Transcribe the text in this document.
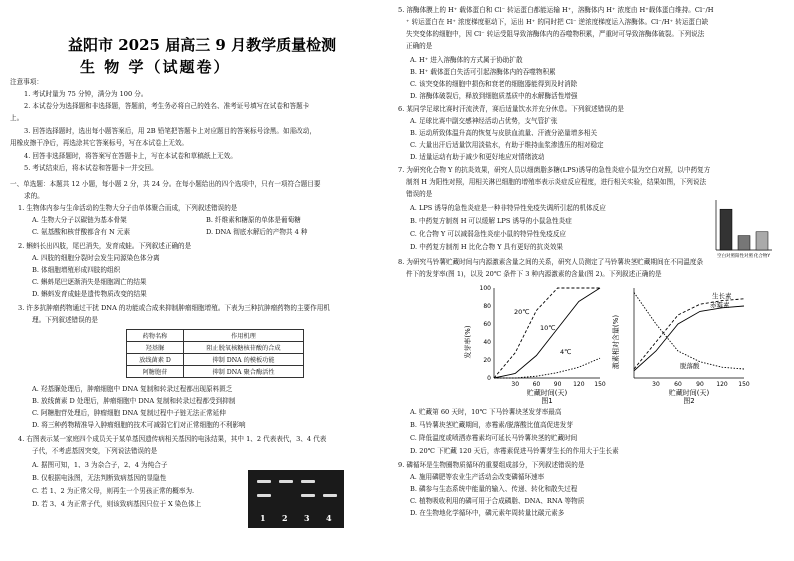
益阳市 2025 届高三 9 月教学质量检测
生 物 学（试题卷）
注意事项：
1. 考试时量为 75 分钟，满分为 100 分。
2. 本试卷分为选择题和非选择题，答题前，考生务必将自己的姓名、准考证号填写在试卷和答题卡
上。
3. 回答选择题时，选出每小题答案后，用 2B 铅笔把答题卡上对应题目的答案标号涂黑。如需改动，
用橡皮擦干净后，再选涂其它答案标号，写在本试卷上无效。
4. 回答非选择题时，将答案写在答题卡上，写在本试卷和草稿纸上无效。
5. 考试结束后，将本试卷和答题卡一并交回。
一、单选题：本题共 12 小题，每小题 2 分，共 24 分。在每小题给出的四个选项中，只有一项符合题目要
求的。
1. 生物体内参与生命活动的生物大分子由单体聚合而成，下列叙述错误的是
A. 生物大分子以碳链为基本骨架	B. 纤维素和糖原的单体是葡萄糖
C. 氨基酸和核苷酸都含有 N 元素	D. DNA 彻底水解后的产物共 4 种
2. 蝌蚪长出四肢，尾巴消失，发育成蛙。下列叙述正确的是
A. 四肢的细胞分裂时会发生同源染色体分离
B. 体细胞增殖形成四肢的组织
C. 蝌蚪尾巴逐渐消失是细胞凋亡的结果
D. 蝌蚪发育成蛙是遗传物质改变的结果
3. 许多抗肿瘤药物通过干扰 DNA 的功能或合成来抑制肿瘤细胞增殖。下表为三种抗肿瘤药物的主要作用机
理。下列叙述错误的是
药物名称	作用机理
羟基脲	阻止脱氧核糖核苷酸的合成
放线菌素 D	抑制 DNA 的模板功能
阿糖胞苷	抑制 DNA 聚合酶活性
A. 羟基脲处理后，肿瘤细胞中 DNA 复制和转录过程都出现原料匮乏
B. 放线菌素 D 处理后，肿瘤细胞中 DNA 复制和转录过程都受到抑制
C. 阿糖胞苷处理后，肿瘤细胞 DNA 复制过程中子链无法正常延伸
D. 将三种药物精准导入肿瘤细胞的技术可减弱它们对正常细胞的不利影响
4. 右图表示某一家庭四个成员关于某单基因遗传病相关基因的电泳结果，其中 1、2 代表表代，3、4 代表
子代，不考虑基因突变，下列说法错误的是
A. 据图可知，1、3 为杂合子，2、4 为纯合子
B. 仅根据电泳图，无法判断致病基因的显隐性
C. 若 1、2 为正常父母，则再生一个男孩正常的概率为.
D. 若 3、4 为正常子代，则该致病基因只位于 X 染色体上
1 2 3 4
5. 溶酶体膜上的 H⁺ 载体蛋白和 Cl⁻ 转运蛋白都能运输 H⁺，溶酶体内 H⁺ 浓度由 H⁺载体蛋白维持。Cl⁻/H
⁺ 转运蛋白在 H⁺ 浓度梯度驱动下，运出 H⁺ 的同时把 Cl⁻ 逆浓度梯度运入溶酶体。Cl⁻/H⁺ 转运蛋白缺
失突变体的细胞中，因 Cl⁻ 转运受阻导致溶酶体内的吞噬物积累，严重时可导致溶酶体破裂。下列说法
正确的是
A. H⁺ 进入溶酶体的方式属于协助扩散
B. H⁺ 载体蛋白失活可引起溶酶体内的吞噬物积累
C. 该突变体的细胞中损伤和衰老的细胞器能得到及时消除
D. 溶酶体破裂后，释放到细胞质基质中的水解酶活性增强
6. 某同学足球比赛时汗流浃背，赛后适量饮水并充分休息。下列叙述错误的是
A. 足球比赛中副交感神经活动占优势，支气管扩张
B. 运动所致体温升高的恢复与皮肤血流量、汗液分泌量增多相关
C. 大量出汗后适量饮用淡盐水，有助于维持血浆渗透压的相对稳定
D. 适量运动有助于减少和更好地应对情绪波动
7. 为研究化合物 Y 的抗炎效果，研究人员以细菌脂多糖(LPS)诱导的急性炎症小鼠为空白对照，以中药复方
制剂 H 为阳性对照，用相关淋巴细胞的增殖率表示炎症反应程度，进行相关实验，结果如图，下列说法
错误的是
A. LPS 诱导的急性炎症是一种非特异性免疫失调所引起的机体反应
B. 中药复方制剂 H 可以缓解 LPS 诱导的小鼠急性炎症
C. 化合物 Y 可以减弱急性炎症小鼠的特异性免疫反应
D. 中药复方制剂 H 比化合物 Y 具有更好的抗炎效果
空白对照 阳性对照 化合物Y
8. 为研究马铃薯贮藏时间与内源激素含量之间的关系，研究人员测定了马铃薯块茎贮藏期间在不同温度条
件下的发芽率(图 1)，以及 20℃ 条件下 3 种内源激素的含量(图 2)。下列叙述正确的是
发芽率(%)
30 60 90 120 150
0
20
40
60
80
100
20℃
10℃
4℃
贮藏时间(天)
图1
激素相对含量(%)
30 60 90 120 150
生长素
赤霉素
脱落酸
贮藏时间(天)
图2
A. 贮藏第 60 天时，10℃ 下马铃薯块茎发芽率最高
B. 马铃薯块茎贮藏期间，赤霉素/脱落酸比值高促进发芽
C. 降低温度或喷洒赤霉素均可延长马铃薯块茎的贮藏时间
D. 20℃ 下贮藏 120 天后，赤霉素促进马铃薯芽生长的作用大于生长素
9. 磷循环是生物圈物质循环的重要组成部分，下列叙述错误的是
A. 施用磷肥等农业生产活动会改变磷循环速率
B. 磷参与生态系统中能量的输入、传递、转化和散失过程
C. 植物吸收利用的磷可用于合成磷脂、DNA、RNA 等物质
D. 在生物地化学循环中，磷元素年周转量比碳元素多
